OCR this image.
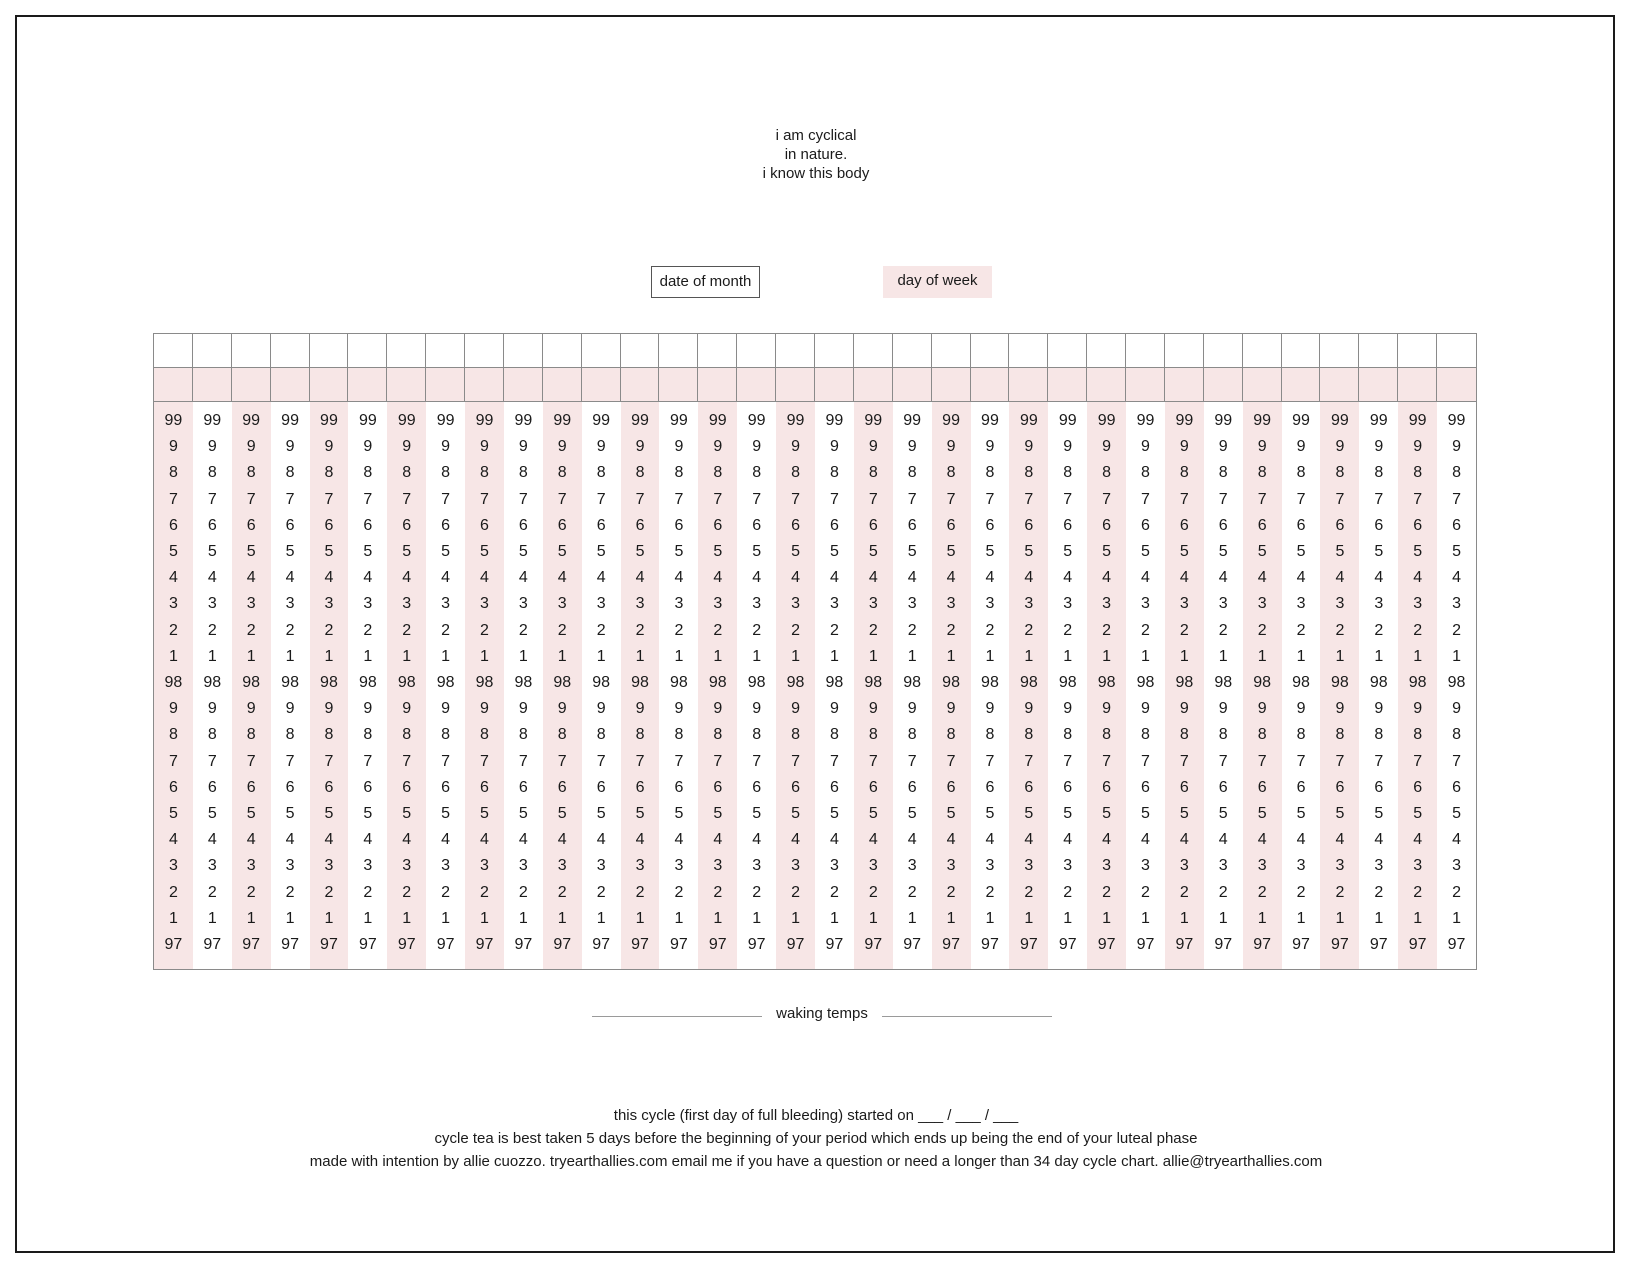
i am cyclical
in nature.
i know this body
date of month	day of week
99
9
8
7
6
5
4
3
2
1
98
9
8
7
6
5
4
3
2
1
97
99
9
8
7
6
5
4
3
2
1
98
9
8
7
6
5
4
3
2
1
97
99
9
8
7
6
5
4
3
2
1
98
9
8
7
6
5
4
3
2
1
97
99
9
8
7
6
5
4
3
2
1
98
9
8
7
6
5
4
3
2
1
97
99
9
8
7
6
5
4
3
2
1
98
9
8
7
6
5
4
3
2
1
97
99
9
8
7
6
5
4
3
2
1
98
9
8
7
6
5
4
3
2
1
97
99
9
8
7
6
5
4
3
2
1
98
9
8
7
6
5
4
3
2
1
97
99
9
8
7
6
5
4
3
2
1
98
9
8
7
6
5
4
3
2
1
97
99
9
8
7
6
5
4
3
2
1
98
9
8
7
6
5
4
3
2
1
97
99
9
8
7
6
5
4
3
2
1
98
9
8
7
6
5
4
3
2
1
97
99
9
8
7
6
5
4
3
2
1
98
9
8
7
6
5
4
3
2
1
97
99
9
8
7
6
5
4
3
2
1
98
9
8
7
6
5
4
3
2
1
97
99
9
8
7
6
5
4
3
2
1
98
9
8
7
6
5
4
3
2
1
97
99
9
8
7
6
5
4
3
2
1
98
9
8
7
6
5
4
3
2
1
97
99
9
8
7
6
5
4
3
2
1
98
9
8
7
6
5
4
3
2
1
97
99
9
8
7
6
5
4
3
2
1
98
9
8
7
6
5
4
3
2
1
97
99
9
8
7
6
5
4
3
2
1
98
9
8
7
6
5
4
3
2
1
97
99
9
8
7
6
5
4
3
2
1
98
9
8
7
6
5
4
3
2
1
97
99
9
8
7
6
5
4
3
2
1
98
9
8
7
6
5
4
3
2
1
97
99
9
8
7
6
5
4
3
2
1
98
9
8
7
6
5
4
3
2
1
97
99
9
8
7
6
5
4
3
2
1
98
9
8
7
6
5
4
3
2
1
97
99
9
8
7
6
5
4
3
2
1
98
9
8
7
6
5
4
3
2
1
97
99
9
8
7
6
5
4
3
2
1
98
9
8
7
6
5
4
3
2
1
97
99
9
8
7
6
5
4
3
2
1
98
9
8
7
6
5
4
3
2
1
97
99
9
8
7
6
5
4
3
2
1
98
9
8
7
6
5
4
3
2
1
97
99
9
8
7
6
5
4
3
2
1
98
9
8
7
6
5
4
3
2
1
97
99
9
8
7
6
5
4
3
2
1
98
9
8
7
6
5
4
3
2
1
97
99
9
8
7
6
5
4
3
2
1
98
9
8
7
6
5
4
3
2
1
97
99
9
8
7
6
5
4
3
2
1
98
9
8
7
6
5
4
3
2
1
97
99
9
8
7
6
5
4
3
2
1
98
9
8
7
6
5
4
3
2
1
97
99
9
8
7
6
5
4
3
2
1
98
9
8
7
6
5
4
3
2
1
97
99
9
8
7
6
5
4
3
2
1
98
9
8
7
6
5
4
3
2
1
97
99
9
8
7
6
5
4
3
2
1
98
9
8
7
6
5
4
3
2
1
97
99
9
8
7
6
5
4
3
2
1
98
9
8
7
6
5
4
3
2
1
97
waking temps
this cycle (first day of full bleeding) started on ___ / ___ / ___
cycle tea is best taken 5 days before the beginning of your period which ends up being the end of your luteal phase
made with intention by allie cuozzo. tryearthallies.com email me if you have a question or need a longer than 34 day cycle chart. allie@tryearthallies.com
